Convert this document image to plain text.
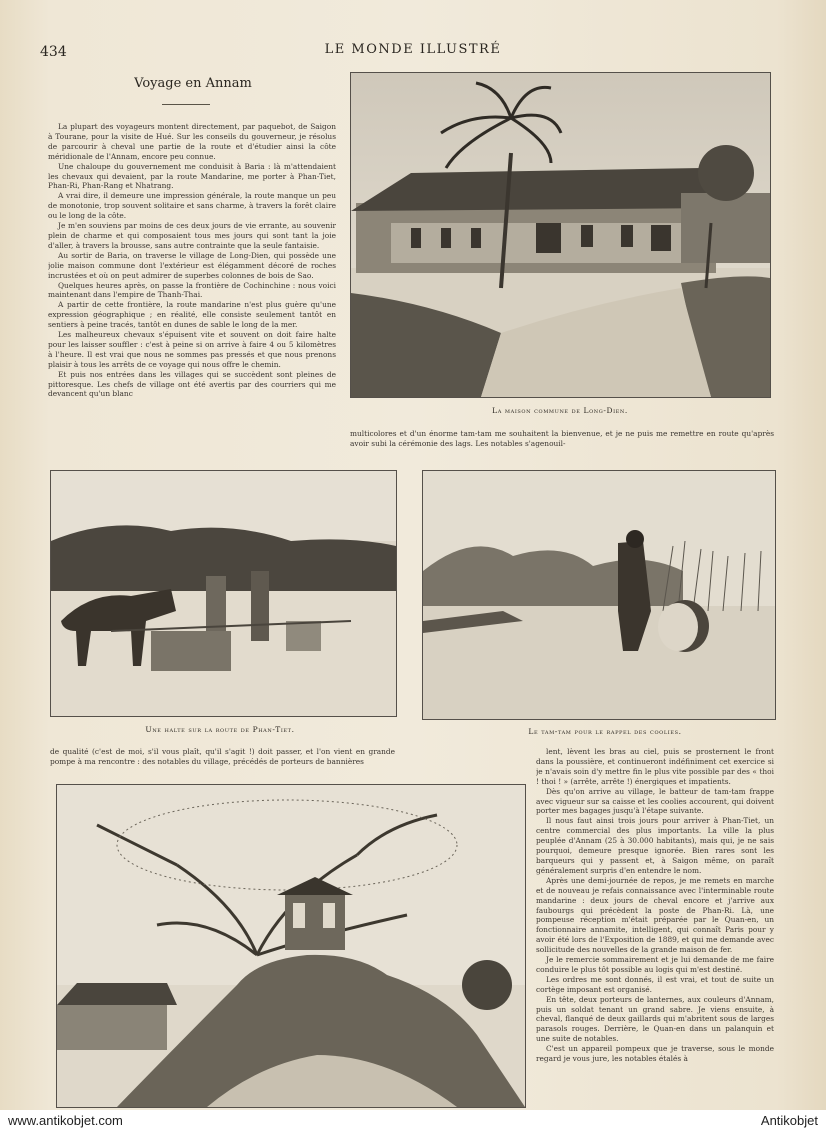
434	LE MONDE ILLUSTRÉ
Voyage en Annam

La plupart des voyageurs montent directement, par paquebot, de Saigon à Tourane, pour la visite de Hué. Sur les conseils du gouverneur, je résolus de parcourir à cheval une partie de la route et d'étudier ainsi la côte méridionale de l'Annam, encore peu connue.

Une chaloupe du gouvernement me conduisit à Baria : là m'attendaient les chevaux qui devaient, par la route Mandarine, me porter à Phan-Tiet, Phan-Ri, Phan-Rang et Nhatrang.

A vrai dire, il demeure une impression générale, la route manque un peu de monotonie, trop souvent solitaire et sans charme, à travers la forêt claire ou le long de la côte.

Je m'en souviens par moins de ces deux jours de vie errante, au souvenir plein de charme et qui composaient tous mes jours qui sont tant la joie d'aller, à travers la brousse, sans autre contrainte que la seule fantaisie.

Au sortir de Baria, on traverse le village de Long-Dien, qui possède une jolie maison commune dont l'extérieur est élégamment décoré de roches incrustées et où on peut admirer de superbes colonnes de bois de Sao.

Quelques heures après, on passe la frontière de Cochinchine : nous voici maintenant dans l'empire de Thanh-Thai.

A partir de cette frontière, la route mandarine n'est plus guère qu'une expression géographique ; en réalité, elle consiste seulement tantôt en sentiers à peine tracés, tantôt en dunes de sable le long de la mer.

Les malheureux chevaux s'épuisent vite et souvent on doit faire halte pour les laisser souffler : c'est à peine si on arrive à faire 4 ou 5 kilomètres à l'heure. Il est vrai que nous ne sommes pas pressés et que nous prenons plaisir à tous les arrêts de ce voyage qui nous offre le chemin.

Et puis nos entrées dans les villages qui se succèdent sont pleines de pittoresque. Les chefs de village ont été avertis par des courriers qui me devancent qu'un blanc

La maison commune de Long-Dien.
multicolores et d'un énorme tam-tam me souhaitent la bienvenue, et je ne puis me remettre en route qu'après avoir subi la cérémonie des lags. Les notables s'agenouil-
Une halte sur la route de Phan-Tiet.	Le tam-tam pour le rappel des coolies.
de qualité (c'est de moi, s'il vous plaît, qu'il s'agit !) doit passer, et l'on vient en grande pompe à ma rencontre : des notables du village, précédés de porteurs de bannières

lent, lèvent les bras au ciel, puis se prosternent le front dans la poussière, et continueront indéfiniment cet exercice si je n'avais soin d'y mettre fin le plus vite possible par des « thoi ! thoi ! » (arrête, arrête !) énergiques et impatients.

Dès qu'on arrive au village, le batteur de tam-tam frappe avec vigueur sur sa caisse et les coolies accourent, qui doivent porter mes bagages jusqu'à l'étape suivante.

Il nous faut ainsi trois jours pour arriver à Phan-Tiet, un centre commercial des plus importants. La ville la plus peuplée d'Annam (25 à 30.000 habitants), mais qui, je ne sais pourquoi, demeure presque ignorée. Bien rares sont les barqueurs qui y passent et, à Saigon même, on paraît généralement surpris d'en entendre le nom.

Après une demi-journée de repos, je me remets en marche et de nouveau je refais connaissance avec l'interminable route mandarine : deux jours de cheval encore et j'arrive aux faubourgs qui précèdent la poste de Phan-Ri. Là, une pompeuse réception m'était préparée par le Quan-en, un fonctionnaire annamite, intelligent, qui connaît Paris pour y avoir été lors de l'Exposition de 1889, et qui me demande avec sollicitude des nouvelles de la grande maison de fer.

Je le remercie sommairement et je lui demande de me faire conduire le plus tôt possible au logis qui m'est destiné.

Les ordres me sont donnés, il est vrai, et tout de suite un cortège imposant est organisé.

En tête, deux porteurs de lanternes, aux couleurs d'Annam, puis un soldat tenant un grand sabre. Je viens ensuite, à cheval, flanqué de deux gaillards qui m'abritent sous de larges parasols rouges. Derrière, le Quan-en dans un palanquin et une suite de notables.

C'est un appareil pompeux que je traverse, sous le monde regard je vous jure, les notables étalés à

www.antikobjet.com	Antikobjet
